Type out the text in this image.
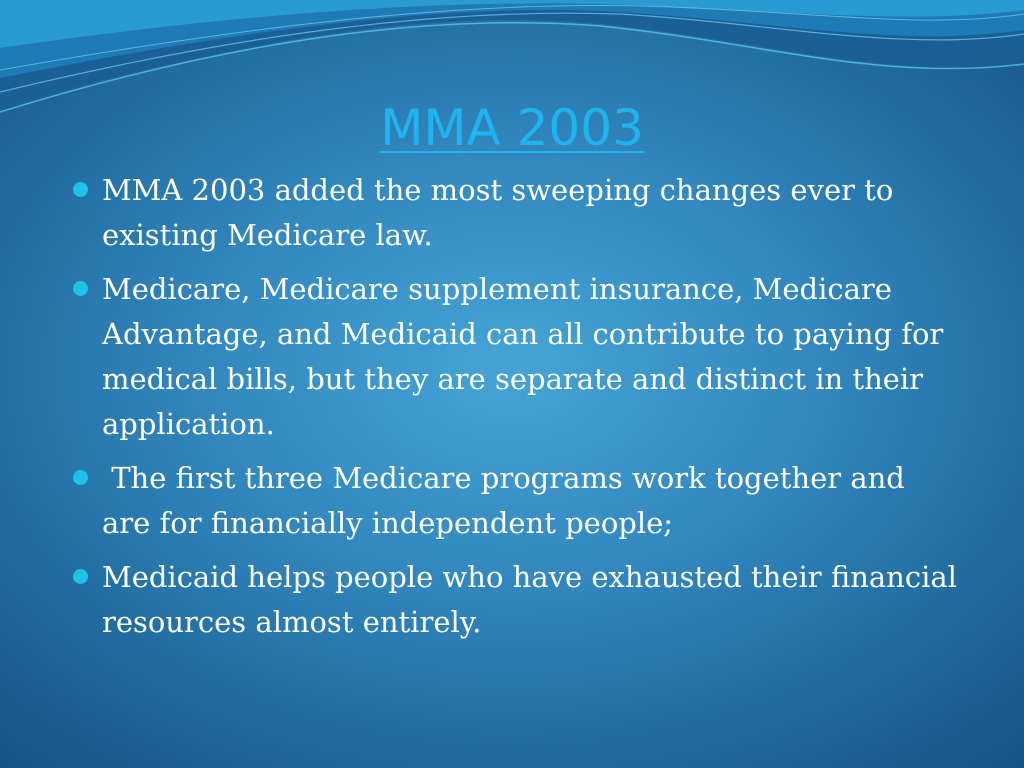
MMA 2003
MMA 2003 added the most sweeping changes ever to existing Medicare law.
Medicare, Medicare supplement insurance, Medicare Advantage, and Medicaid can all contribute to paying for medical bills, but they are separate and distinct in their application.
The first three Medicare programs work together and are for financially independent people;
Medicaid helps people who have exhausted their financial resources almost entirely.
